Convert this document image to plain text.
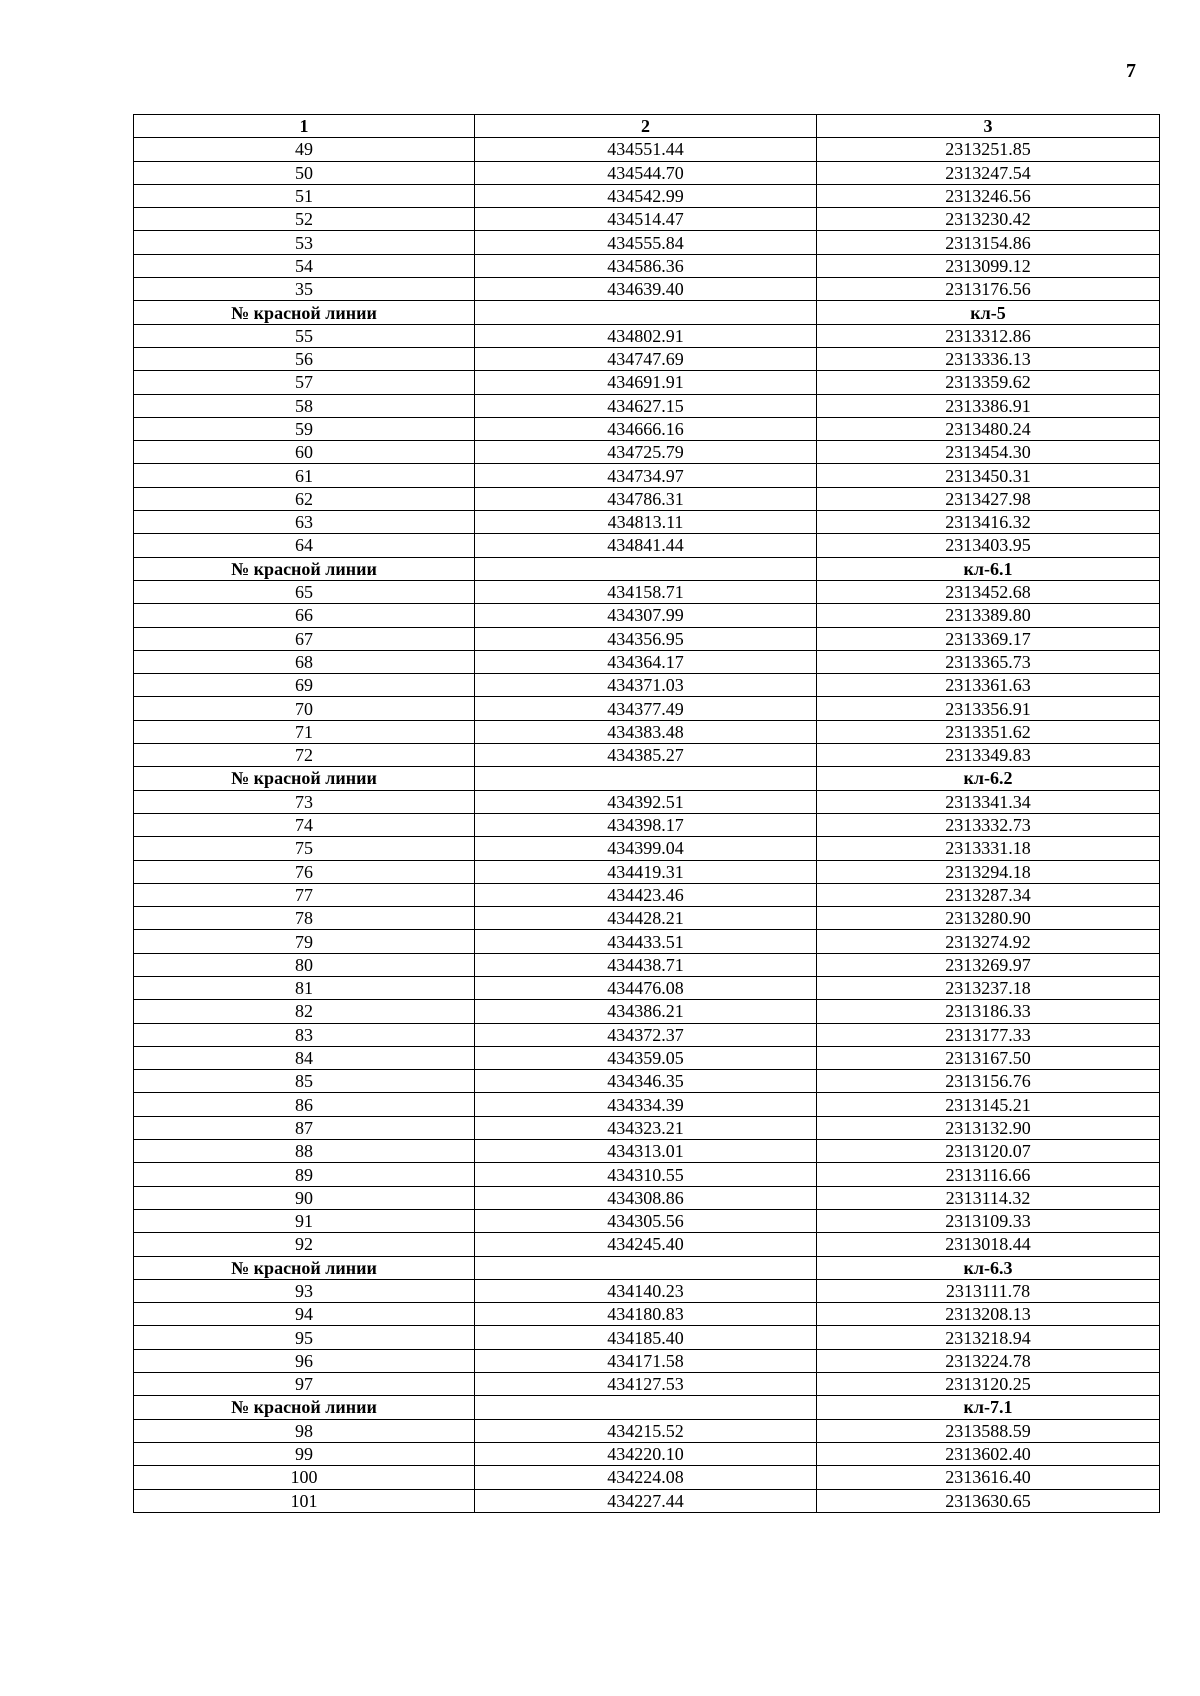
7
1	2	3
49	434551.44	2313251.85
50	434544.70	2313247.54
51	434542.99	2313246.56
52	434514.47	2313230.42
53	434555.84	2313154.86
54	434586.36	2313099.12
35	434639.40	2313176.56
№ красной линии		кл-5
55	434802.91	2313312.86
56	434747.69	2313336.13
57	434691.91	2313359.62
58	434627.15	2313386.91
59	434666.16	2313480.24
60	434725.79	2313454.30
61	434734.97	2313450.31
62	434786.31	2313427.98
63	434813.11	2313416.32
64	434841.44	2313403.95
№ красной линии		кл-6.1
65	434158.71	2313452.68
66	434307.99	2313389.80
67	434356.95	2313369.17
68	434364.17	2313365.73
69	434371.03	2313361.63
70	434377.49	2313356.91
71	434383.48	2313351.62
72	434385.27	2313349.83
№ красной линии		кл-6.2
73	434392.51	2313341.34
74	434398.17	2313332.73
75	434399.04	2313331.18
76	434419.31	2313294.18
77	434423.46	2313287.34
78	434428.21	2313280.90
79	434433.51	2313274.92
80	434438.71	2313269.97
81	434476.08	2313237.18
82	434386.21	2313186.33
83	434372.37	2313177.33
84	434359.05	2313167.50
85	434346.35	2313156.76
86	434334.39	2313145.21
87	434323.21	2313132.90
88	434313.01	2313120.07
89	434310.55	2313116.66
90	434308.86	2313114.32
91	434305.56	2313109.33
92	434245.40	2313018.44
№ красной линии		кл-6.3
93	434140.23	2313111.78
94	434180.83	2313208.13
95	434185.40	2313218.94
96	434171.58	2313224.78
97	434127.53	2313120.25
№ красной линии		кл-7.1
98	434215.52	2313588.59
99	434220.10	2313602.40
100	434224.08	2313616.40
101	434227.44	2313630.65
